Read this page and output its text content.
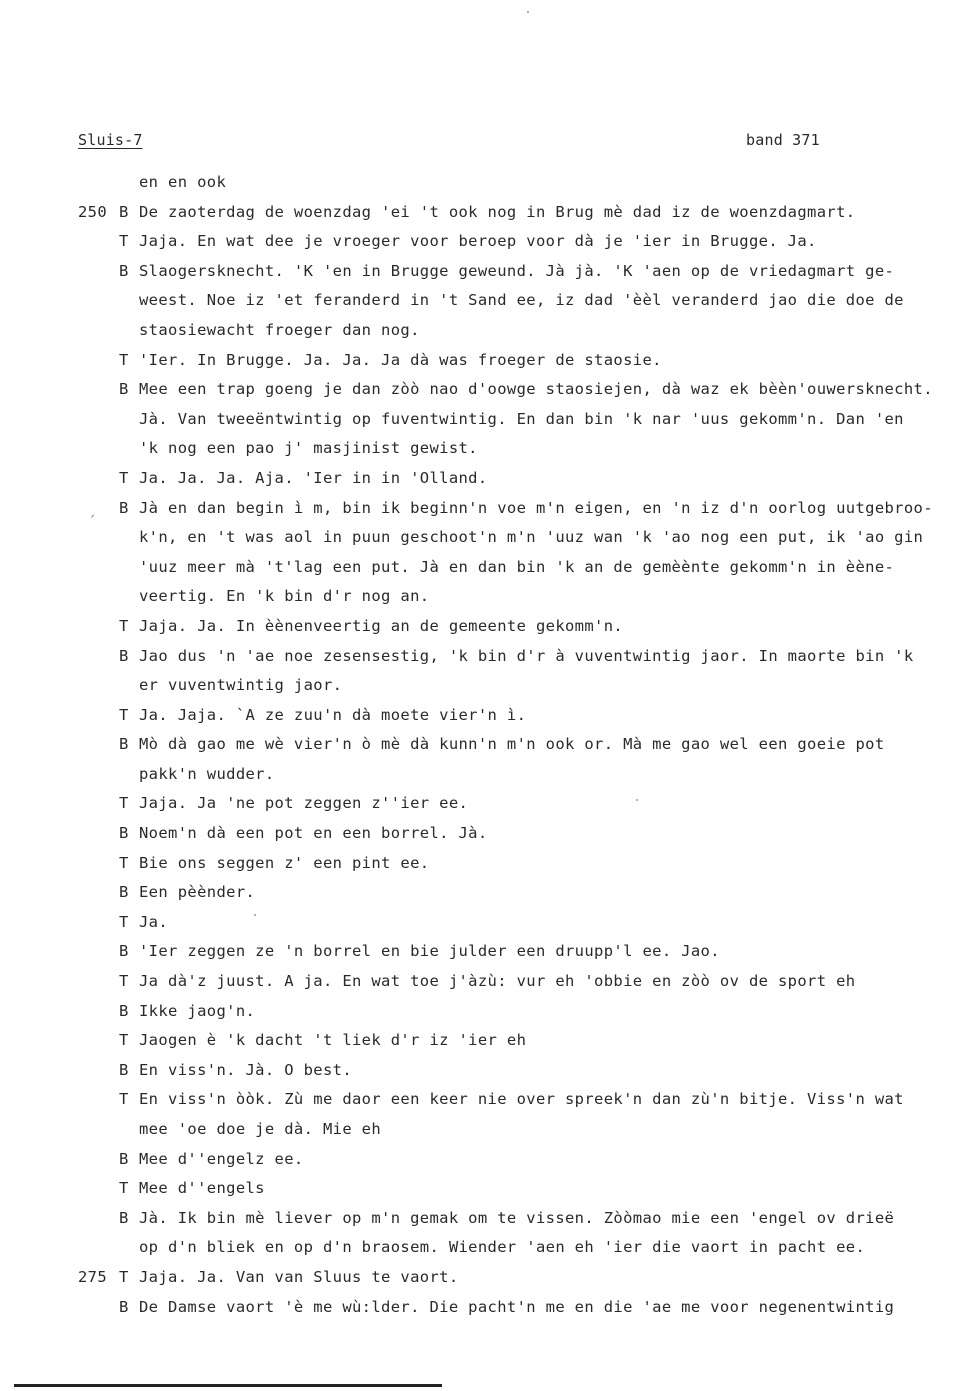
Sluis-7	band 371
en en ook
250 B De zaoterdag de woenzdag 'ei 't ook nog in Brug mè dad iz de woenzdagmart.
T Jaja. En wat dee je vroeger voor beroep voor dà je 'ier in Brugge. Ja.
B Slaogersknecht. 'K 'en in Brugge geweund. Jà jà. 'K 'aen op de vriedagmart ge-
weest. Noe iz 'et feranderd in 't Sand ee, iz dad 'èèl veranderd jao die doe de
staosiewacht froeger dan nog.
T 'Ier. In Brugge. Ja. Ja. Ja dà was froeger de staosie.
B Mee een trap goeng je dan zòò nao d'oowge staosiejen, dà waz ek bèèn'ouwersknecht.
Jà. Van tweeëntwintig op fuventwintig. En dan bin 'k nar 'uus gekomm'n. Dan 'en
'k nog een pao j' masjinist gewist.
T Ja. Ja. Ja. Aja. 'Ier in in 'Olland.
ˏ B Jà en dan begin ì m, bin ik beginn'n voe m'n eigen, en 'n iz d'n oorlog uutgebroo-
k'n, en 't was aol in puun geschoot'n m'n 'uuz wan 'k 'ao nog een put, ik 'ao gin
'uuz meer mà 't'lag een put. Jà en dan bin 'k an de gemèènte gekomm'n in èène-
veertig. En 'k bin d'r nog an.
T Jaja. Ja. In èènenveertig an de gemeente gekomm'n.
B Jao dus 'n 'ae noe zesensestig, 'k bin d'r à vuventwintig jaor. In maorte bin 'k
er vuventwintig jaor.
T Ja. Jaja. `A ze zuu'n dà moete vier'n ì.
B Mò dà gao me wè vier'n ò mè dà kunn'n m'n ook or. Mà me gao wel een goeie pot
pakk'n wudder.
T Jaja. Ja 'ne pot zeggen z''ier ee.
B Noem'n dà een pot en een borrel. Jà.
T Bie ons seggen z' een pint ee.
B Een pèènder.
T Ja.
B 'Ier zeggen ze 'n borrel en bie julder een druupp'l ee. Jao.
T Ja dà'z juust. A ja. En wat toe j'àzù: vur eh 'obbie en zòò ov de sport eh
B Ikke jaog'n.
T Jaogen è 'k dacht 't liek d'r iz 'ier eh
B En viss'n. Jà. O best.
T En viss'n òòk. Zù me daor een keer nie over spreek'n dan zù'n bitje. Viss'n wat
mee 'oe doe je dà. Mie eh
B Mee d''engelz ee.
T Mee d''engels
B Jà. Ik bin mè liever op m'n gemak om te vissen. Zòòmao mie een 'engel ov drieë
op d'n bliek en op d'n braosem. Wiender 'aen eh 'ier die vaort in pacht ee.
275 T Jaja. Ja. Van van Sluus te vaort.
B De Damse vaort 'è me wù:lder. Die pacht'n me en die 'ae me voor negenentwintig
